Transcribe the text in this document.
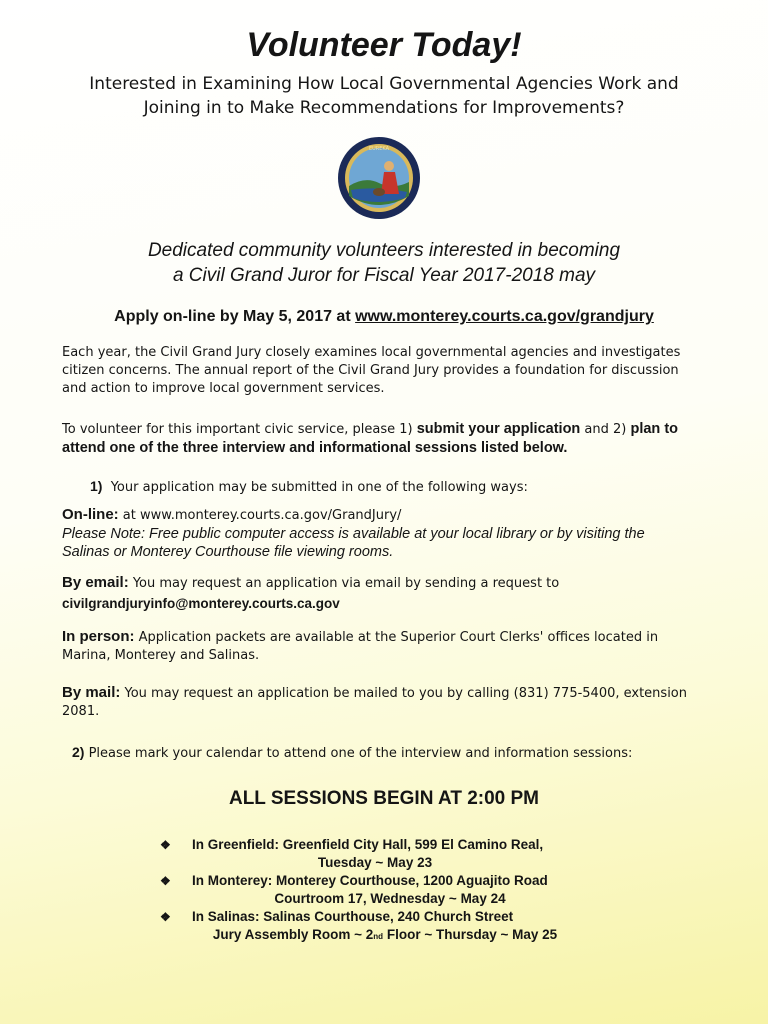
Volunteer Today!
Interested in Examining How Local Governmental Agencies Work and
Joining in to Make Recommendations for Improvements?
EUREKA
Dedicated community volunteers interested in becoming
a Civil Grand Juror for Fiscal Year 2017-2018 may
Apply on-line by May 5, 2017 at www.monterey.courts.ca.gov/grandjury
Each year, the Civil Grand Jury closely examines local governmental agencies and investigates citizen concerns. The annual report of the Civil Grand Jury provides a foundation for discussion and action to improve local government services.
To volunteer for this important civic service, please 1) submit your application and 2) plan to attend one of the three interview and informational sessions listed below.
1) Your application may be submitted in one of the following ways:
On-line: at www.monterey.courts.ca.gov/GrandJury/
Please Note: Free public computer access is available at your local library or by visiting the Salinas or Monterey Courthouse file viewing rooms.
By email: You may request an application via email by sending a request to
civilgrandjuryinfo@monterey.courts.ca.gov
In person: Application packets are available at the Superior Court Clerks' offices located in Marina, Monterey and Salinas.
By mail: You may request an application be mailed to you by calling (831) 775-5400, extension 2081.
2) Please mark your calendar to attend one of the interview and information sessions:
ALL SESSIONS BEGIN AT 2:00 PM
❖ In Greenfield: Greenfield City Hall, 599 El Camino Real,
Tuesday ~ May 23
❖ In Monterey: Monterey Courthouse, 1200 Aguajito Road
Courtroom 17, Wednesday ~ May 24
❖ In Salinas: Salinas Courthouse, 240 Church Street
Jury Assembly Room ~ 2nd Floor ~ Thursday ~ May 25
